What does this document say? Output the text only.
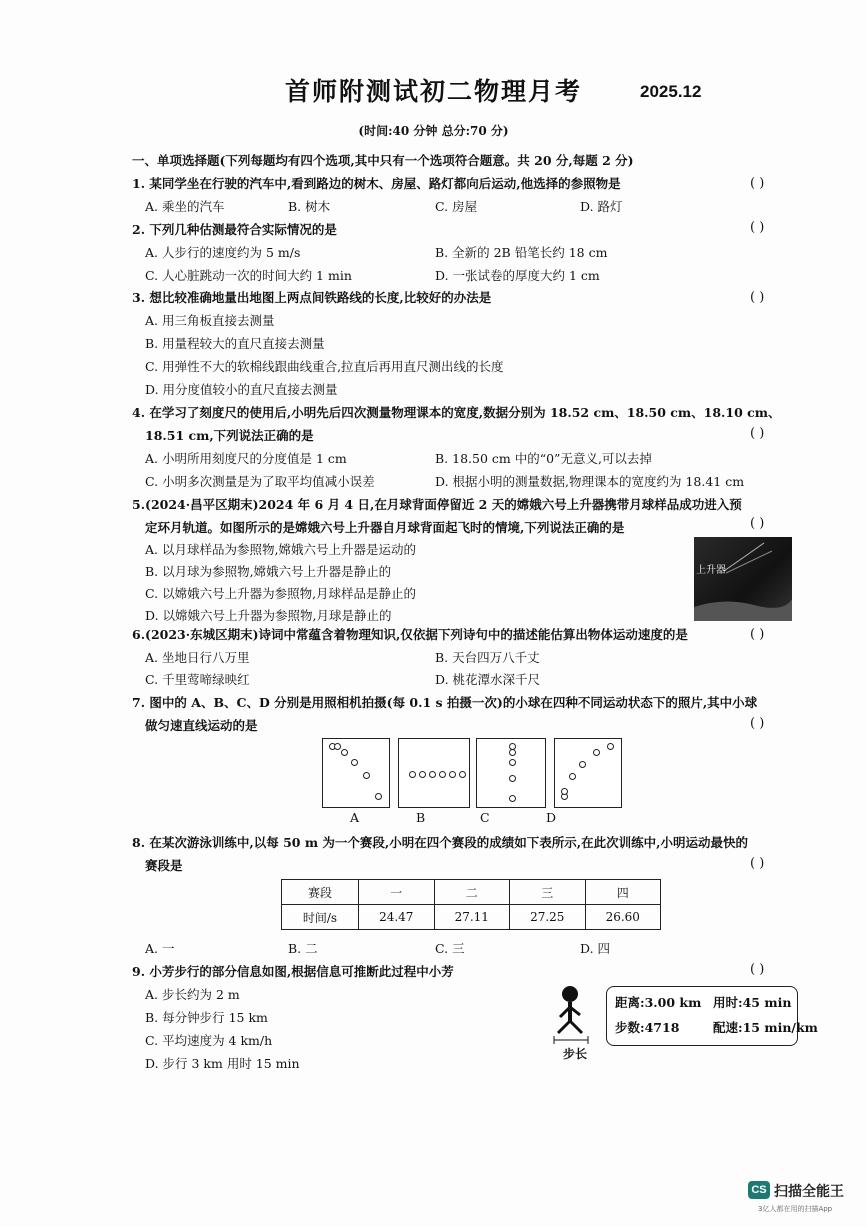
首师附测试初二物理月考	2025.12
(时间:40 分钟 总分:70 分)
一、单项选择题(下列每题均有四个选项,其中只有一个选项符合题意。共 20 分,每题 2 分)
1. 某同学坐在行驶的汽车中,看到路边的树木、房屋、路灯都向后运动,他选择的参照物是	( )
A. 乘坐的汽车	B. 树木	C. 房屋	D. 路灯
2. 下列几种估测最符合实际情况的是	( )
A. 人步行的速度约为 5 m/s	B. 全新的 2B 铅笔长约 18 cm
C. 人心脏跳动一次的时间大约 1 min	D. 一张试卷的厚度大约 1 cm
3. 想比较准确地量出地图上两点间铁路线的长度,比较好的办法是	( )
A. 用三角板直接去测量
B. 用量程较大的直尺直接去测量
C. 用弹性不大的软棉线跟曲线重合,拉直后再用直尺测出线的长度
D. 用分度值较小的直尺直接去测量
4. 在学习了刻度尺的使用后,小明先后四次测量物理课本的宽度,数据分别为 18.52 cm、18.50 cm、18.10 cm、
18.51 cm,下列说法正确的是	( )
A. 小明所用刻度尺的分度值是 1 cm	B. 18.50 cm 中的“0”无意义,可以去掉
C. 小明多次测量是为了取平均值减小误差	D. 根据小明的测量数据,物理课本的宽度约为 18.41 cm
5.(2024·昌平区期末)2024 年 6 月 4 日,在月球背面停留近 2 天的嫦娥六号上升器携带月球样品成功进入预
定环月轨道。如图所示的是嫦娥六号上升器自月球背面起飞时的情境,下列说法正确的是	( )
A. 以月球样品为参照物,嫦娥六号上升器是运动的
B. 以月球为参照物,嫦娥六号上升器是静止的
C. 以嫦娥六号上升器为参照物,月球样品是静止的
D. 以嫦娥六号上升器为参照物,月球是静止的
上升器
6.(2023·东城区期末)诗词中常蕴含着物理知识,仅依据下列诗句中的描述能估算出物体运动速度的是	( )
A. 坐地日行八万里	B. 天台四万八千丈
C. 千里莺啼绿映红	D. 桃花潭水深千尺
7. 图中的 A、B、C、D 分别是用照相机拍摄(每 0.1 s 拍摄一次)的小球在四种不同运动状态下的照片,其中小球
做匀速直线运动的是	( )
A	B	C	D
8. 在某次游泳训练中,以每 50 m 为一个赛段,小明在四个赛段的成绩如下表所示,在此次训练中,小明运动最快的
赛段是	( )
赛段	一	二	三	四
时间/s	24.47	27.11	27.25	26.60
A. 一	B. 二	C. 三	D. 四
9. 小芳步行的部分信息如图,根据信息可推断此过程中小芳	( )
A. 步长约为 2 m
B. 每分钟步行 15 km
C. 平均速度为 4 km/h
D. 步行 3 km 用时 15 min
步长
距离:3.00 km 用时:45 min
步数:4718	配速:15 min/km
CS 扫描全能王
3亿人都在用的扫描App
